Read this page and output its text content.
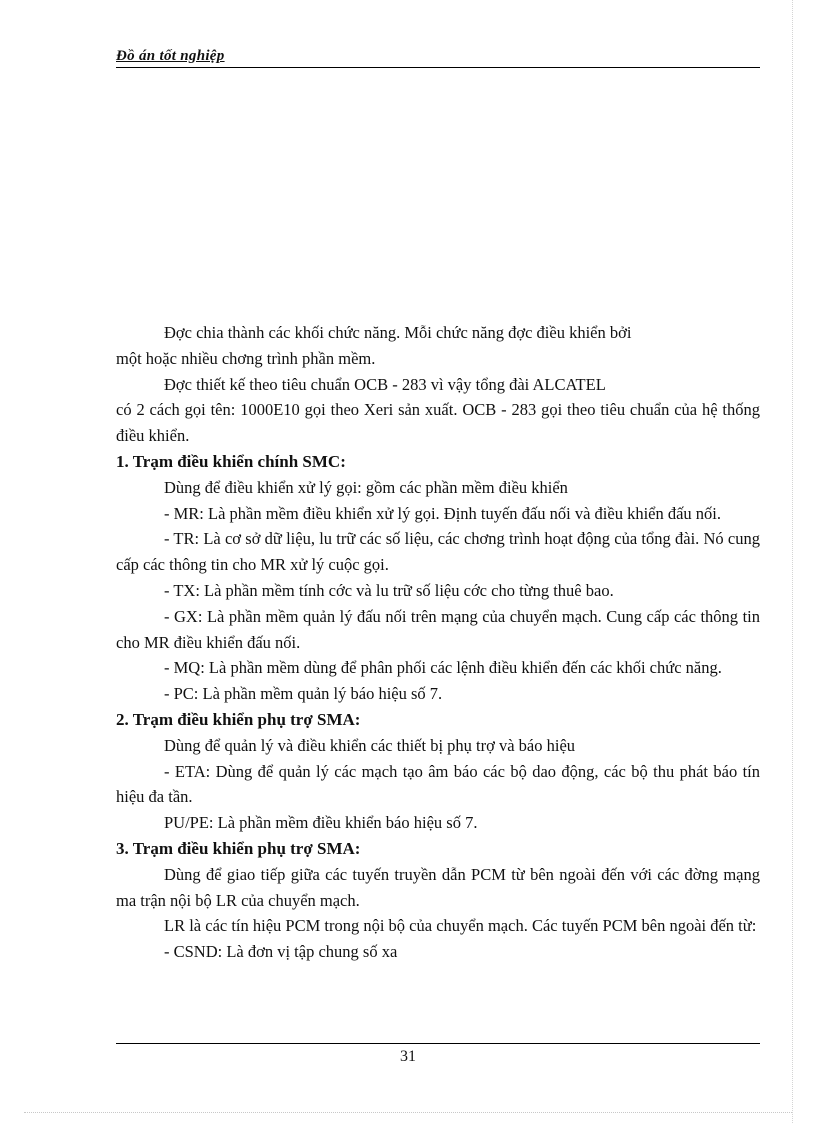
Đồ án tốt nghiệp
Đợc chia thành các khối chức năng. Mỗi chức năng đợc điều khiển bởi
một hoặc nhiều chơng trình phần mềm.
Đợc thiết kế theo tiêu chuẩn OCB - 283 vì vậy tổng đài ALCATEL
có 2 cách gọi tên: 1000E10 gọi theo Xeri sản xuất. OCB - 283 gọi theo tiêu chuẩn của hệ thống điều khiển.
1. Trạm điều khiển chính SMC:
Dùng để điều khiển xử lý gọi: gồm các phần mềm điều khiển
- MR: Là phần mềm điều khiển xử lý gọi. Định tuyến đấu nối và điều khiển đấu nối.
- TR: Là cơ sở dữ liệu, lu trữ các số liệu, các chơng trình hoạt động của tổng đài. Nó cung cấp các thông tin cho MR xử lý cuộc gọi.
- TX: Là phần mềm tính cớc và lu trữ số liệu cớc cho từng thuê bao.
- GX: Là phần mềm quản lý đấu nối trên mạng của chuyển mạch. Cung cấp các thông tin cho MR điều khiển đấu nối.
- MQ: Là phần mềm dùng để phân phối các lệnh điều khiển đến các khối chức năng.
- PC: Là phần mềm quản lý báo hiệu số 7.
2. Trạm điều khiển phụ trợ SMA:
Dùng để quản lý và điều khiển các thiết bị phụ trợ và báo hiệu
- ETA: Dùng để quản lý các mạch tạo âm báo các bộ dao động, các bộ thu phát báo tín hiệu đa tần.
PU/PE: Là phần mềm điều khiển báo hiệu số 7.
3. Trạm điều khiển phụ trợ SMA:
Dùng để giao tiếp giữa các tuyến truyền dẫn PCM từ bên ngoài đến với các đờng mạng ma trận nội bộ LR của chuyển mạch.
LR là các tín hiệu PCM trong nội bộ của chuyển mạch. Các tuyến PCM bên ngoài đến từ:
- CSND: Là đơn vị tập chung số xa
31
